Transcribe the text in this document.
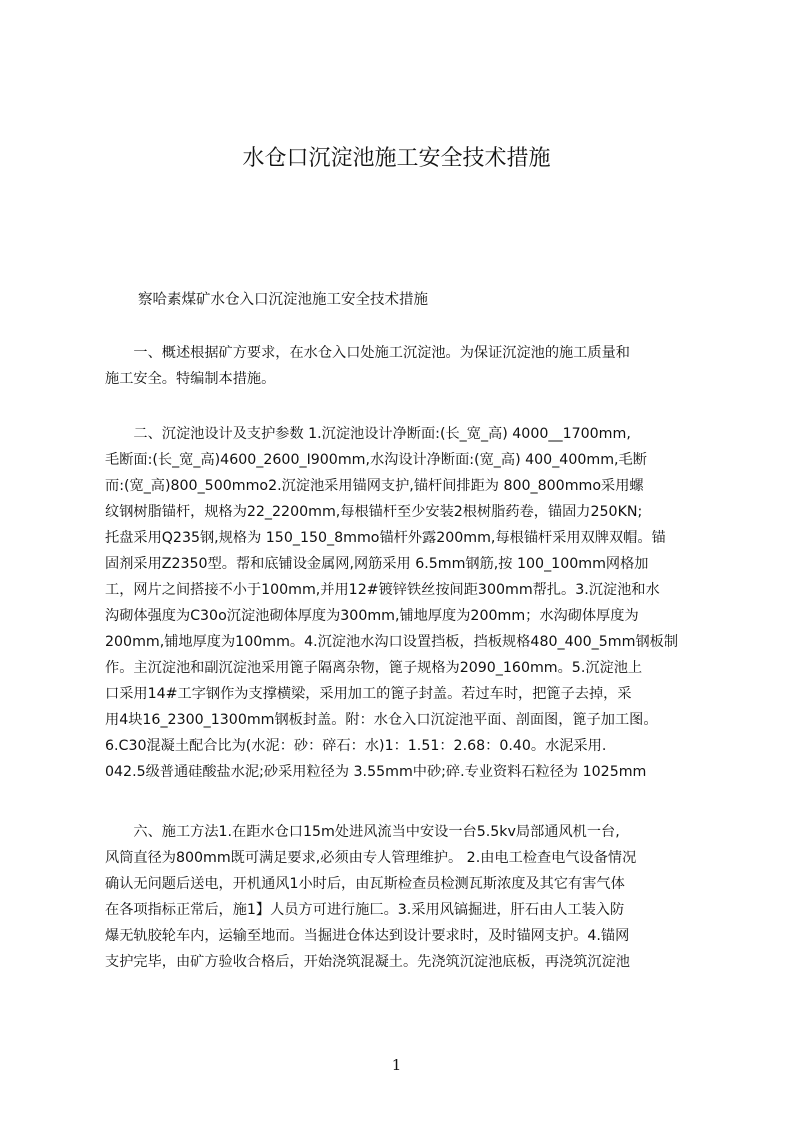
水仓口沉淀池施工安全技术措施
察哈素煤矿水仓入口沉淀池施工安全技术措施
　　一、概述根据矿方要求，在水仓入口处施工沉淀池。为保证沉淀池的施工质量和
施工安全。特编制本措施。
　　二、沉淀池设计及支护参数 1.沉淀池设计净断面:(长_宽_高) 4000__1700mm,
毛断面:(长_宽_高)4600_2600_I900mm,水沟设计净断面:(宽_高) 400_400mm,毛断
而:(宽_高)800_500mmo2.沉淀池采用锚网支护,锚杆间排距为 800_800mmo采用螺
纹钢树脂锚杆，规格为22_2200mm,每根锚杆至少安装2根树脂药卷，锚固力250KN;
托盘采用Q235钢,规格为 150_150_8mmo锚杆外露200mm,每根锚杆采用双牌双帽。锚
固剂采用Z2350型。帮和底铺设金属网,网筋采用 6.5mm钢筋,按 100_100mm网格加
工，网片之间搭接不小于100mm,并用12#镀锌铁丝按间距300mm帮扎。3.沉淀池和水
沟砌体强度为C30o沉淀池砌体厚度为300mm,铺地厚度为200mm；水沟砌体厚度为
200mm,铺地厚度为100mm。4.沉淀池水沟口设置挡板，挡板规格480_400_5mm钢板制
作。主沉淀池和副沉淀池采用篦子隔离杂物，篦子规格为2090_160mm。5.沉淀池上
口采用14#工字钢作为支撑横梁，采用加工的篦子封盖。若过车时，把篦子去掉，采
用4块16_2300_1300mm钢板封盖。附：水仓入口沉淀池平面、剖面图，篦子加工图。
6.C30混凝土配合比为(水泥：砂：碎石：水)1：1.51：2.68：0.40。水泥采用.
042.5级普通硅酸盐水泥;砂采用粒径为 3.55mm中砂;碎.专业资料石粒径为 1025mm
　　六、施工方法1.在距水仓口15m处进风流当中安设一台5.5kv局部通风机一台,
风筒直径为800mm既可满足要求,必须由专人管理维护。 2.由电工检查电气设备情况
确认无问题后送电，开机通风1小时后，由瓦斯检查员检测瓦斯浓度及其它有害气体
在各项指标正常后，施1】人员方可进行施匚。3.采用风镐掘进，肝石由人工装入防
爆无轨胶轮车内，运输至地而。当掘进仓体达到设计要求时，及时锚网支护。4.锚网
支护完毕，由矿方验收合格后，开始浇筑混凝土。先浇筑沉淀池底板，再浇筑沉淀池
1
